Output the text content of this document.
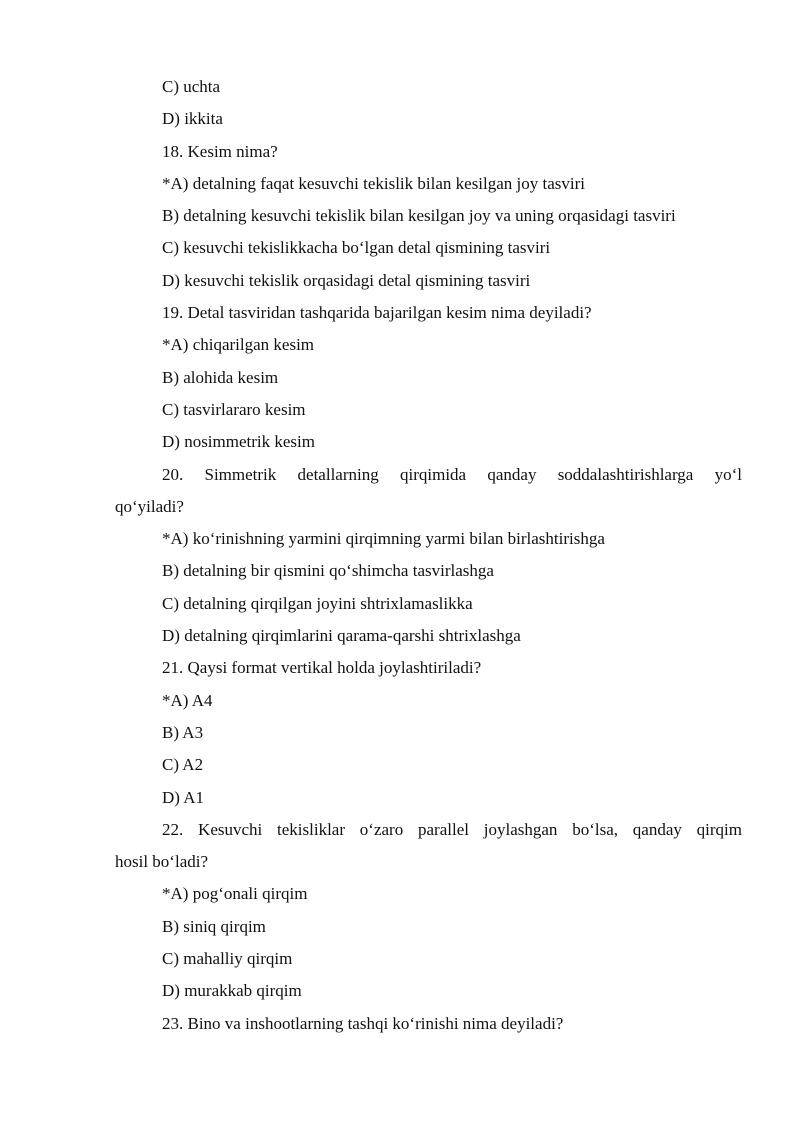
C) uchta
D) ikkita
18. Kesim nima?
*A) detalning faqat kesuvchi tekislik bilan kesilgan joy tasviri
B) detalning kesuvchi tekislik bilan kesilgan joy va uning orqasidagi tasviri
C) kesuvchi tekislikkacha bo‘lgan detal qismining tasviri
D) kesuvchi tekislik orqasidagi detal qismining tasviri
19. Detal tasviridan tashqarida bajarilgan kesim nima deyiladi?
*A) chiqarilgan kesim
B) alohida kesim
C) tasvirlararo kesim
D) nosimmetrik kesim
20. Simmetrik detallarning qirqimida qanday soddalashtirishlarga yo‘l
qo‘yiladi?
*A) ko‘rinishning yarmini qirqimning yarmi bilan birlashtirishga
B) detalning bir qismini qo‘shimcha tasvirlashga
C) detalning qirqilgan joyini shtrixlamaslikka
D) detalning qirqimlarini qarama-qarshi shtrixlashga
21. Qaysi format vertikal holda joylashtiriladi?
*A) A4
B) A3
C) A2
D) A1
22. Kesuvchi tekisliklar o‘zaro parallel joylashgan bo‘lsa, qanday qirqim
hosil bo‘ladi?
*A) pog‘onali qirqim
B) siniq qirqim
C) mahalliy qirqim
D) murakkab qirqim
23. Bino va inshootlarning tashqi ko‘rinishi nima deyiladi?
